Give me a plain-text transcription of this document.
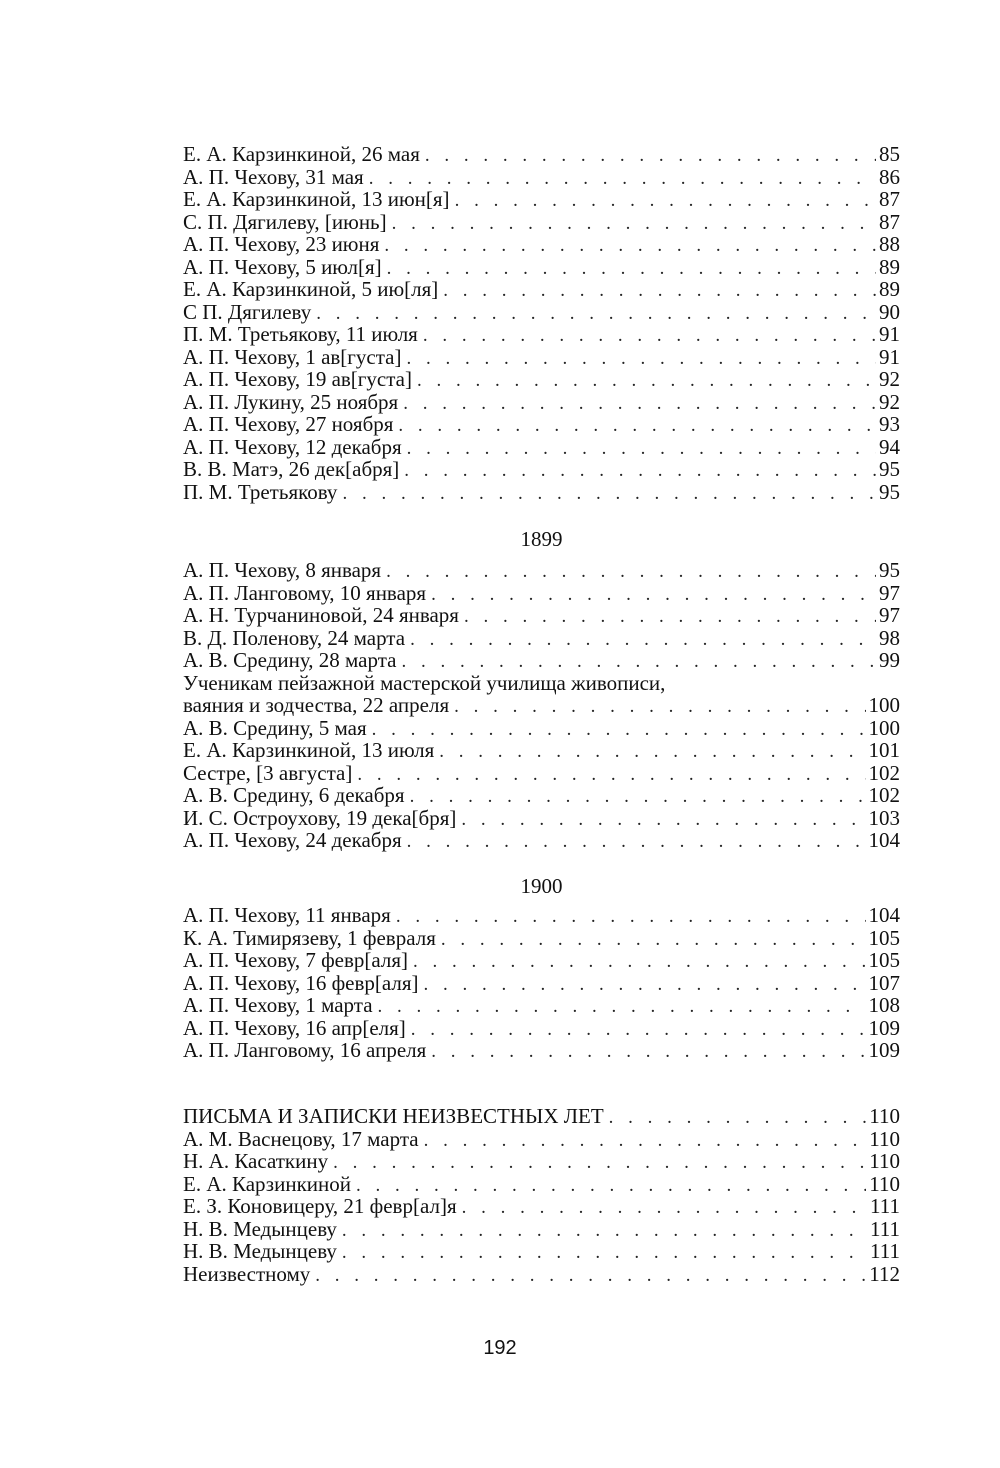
Е. А. Карзинкиной, 26 мая . . .	85
А. П. Чехову, 31 мая . . .	86
Е. А. Карзинкиной, 13 июн[я] . . .	87
С. П. Дягилеву, [июнь] . . .	87
А. П. Чехову, 23 июня . . .	88
А. П. Чехову, 5 июл[я] . . .	89
Е. А. Карзинкиной, 5 ию[ля] . . .	89
С П. Дягилеву . . .	90
П. М. Третьякову, 11 июля . . .	91
А. П. Чехову, 1 ав[густа] . . .	91
А. П. Чехову, 19 ав[густа] . . .	92
А. П. Лукину, 25 ноября . . .	92
А. П. Чехову, 27 ноября . . .	93
А. П. Чехову, 12 декабря . . .	94
В. В. Матэ, 26 дек[абря] . . .	95
П. М. Третьякову . . .	95
1899
А. П. Чехову, 8 января . . .	95
А. П. Ланговому, 10 января . . .	97
А. Н. Турчаниновой, 24 января . . .	97
В. Д. Поленову, 24 марта . . .	98
А. В. Средину, 28 марта . . .	99
Ученикам пейзажной мастерской училища живописи,
ваяния и зодчества, 22 апреля . . .	100
А. В. Средину, 5 мая . . .	100
Е. А. Карзинкиной, 13 июля . . .	101
Сестре, [3 августа] . . .	102
А. В. Средину, 6 декабря . . .	102
И. С. Остроухову, 19 дека[бря] . . .	103
А. П. Чехову, 24 декабря . . .	104
1900
А. П. Чехову, 11 января . . .	104
К. А. Тимирязеву, 1 февраля . . .	105
А. П. Чехову, 7 февр[аля] . . .	105
А. П. Чехову, 16 февр[аля] . . .	107
А. П. Чехову, 1 марта . . .	108
А. П. Чехову, 16 апр[еля] . . .	109
А. П. Ланговому, 16 апреля . . .	109
ПИСЬМА И ЗАПИСКИ НЕИЗВЕСТНЫХ ЛЕТ . . .	110
А. М. Васнецову, 17 марта . . .	110
Н. А. Касаткину . . .	110
Е. А. Карзинкиной . . .	110
Е. З. Коновицеру, 21 февр[ал]я . . .	111
Н. В. Медынцеву . . .	111
Н. В. Медынцеву . . .	111
Неизвестному . . .	112
192
